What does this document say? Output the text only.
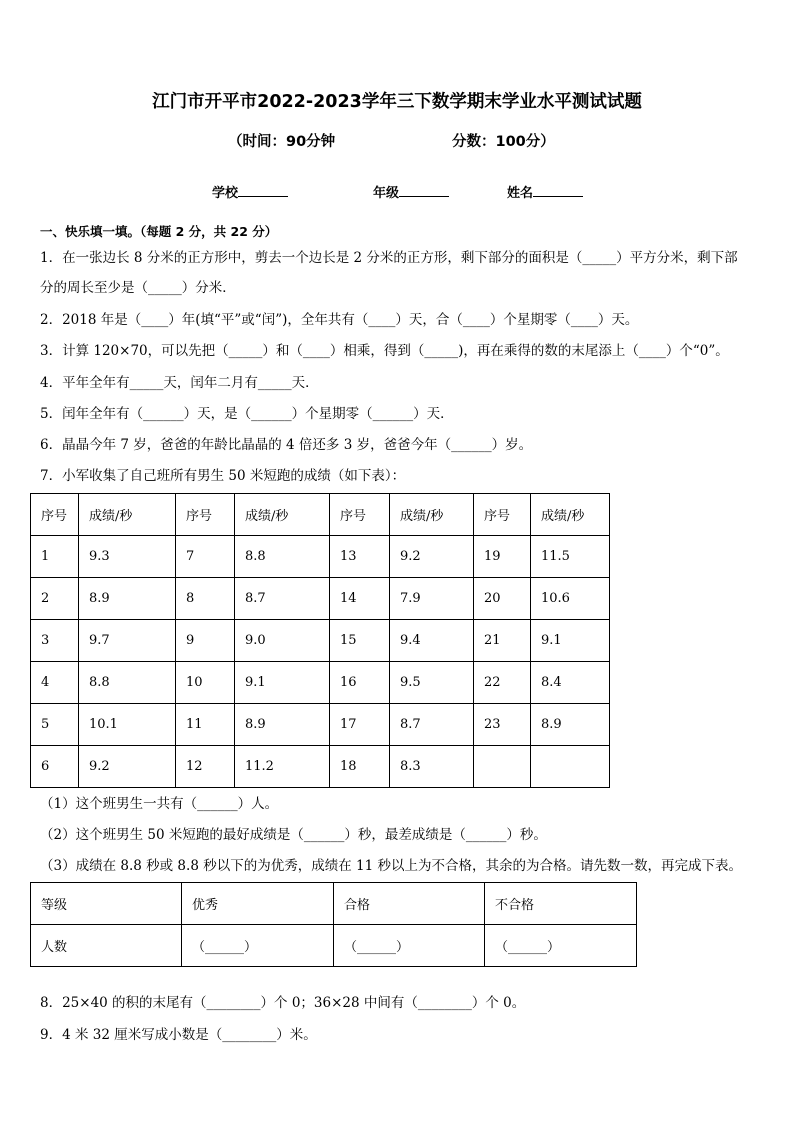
江门市开平市2022-2023学年三下数学期末学业水平测试试题
（时间：90分钟	分数：100分）
学校	年级	姓名
一、快乐填一填。（每题 2 分，共 22 分）
1．在一张边长 8 分米的正方形中，剪去一个边长是 2 分米的正方形，剩下部分的面积是（_____）平方分米，剩下部
分的周长至少是（_____）分米．
2．2018 年是（____）年(填“平”或“闰”)，全年共有（____）天，合（____）个星期零（____）天。
3．计算 120×70，可以先把（_____）和（____）相乘，得到（_____)，再在乘得的数的末尾添上（____）个“0”。
4．平年全年有_____天，闰年二月有_____天．
5．闰年全年有（______）天，是（______）个星期零（______）天．
6．晶晶今年 7 岁，爸爸的年龄比晶晶的 4 倍还多 3 岁，爸爸今年（______）岁。
7．小军收集了自己班所有男生 50 米短跑的成绩（如下表）：
序号	成绩/秒	序号	成绩/秒	序号	成绩/秒	序号	成绩/秒
1	9.3	7	8.8	13	9.2	19	11.5
2	8.9	8	8.7	14	7.9	20	10.6
3	9.7	9	9.0	15	9.4	21	9.1
4	8.8	10	9.1	16	9.5	22	8.4
5	10.1	11	8.9	17	8.7	23	8.9
6	9.2	12	11.2	18	8.3		
（1）这个班男生一共有（______）人。
（2）这个班男生 50 米短跑的最好成绩是（______）秒，最差成绩是（______）秒。
（3）成绩在 8.8 秒或 8.8 秒以下的为优秀，成绩在 11 秒以上为不合格，其余的为合格。请先数一数，再完成下表。
等级	优秀	合格	不合格
人数	（______）	（______）	（______）
8．25×40 的积的末尾有（________）个 0；36×28 中间有（________）个 0。
9．4 米 32 厘米写成小数是（________）米。
